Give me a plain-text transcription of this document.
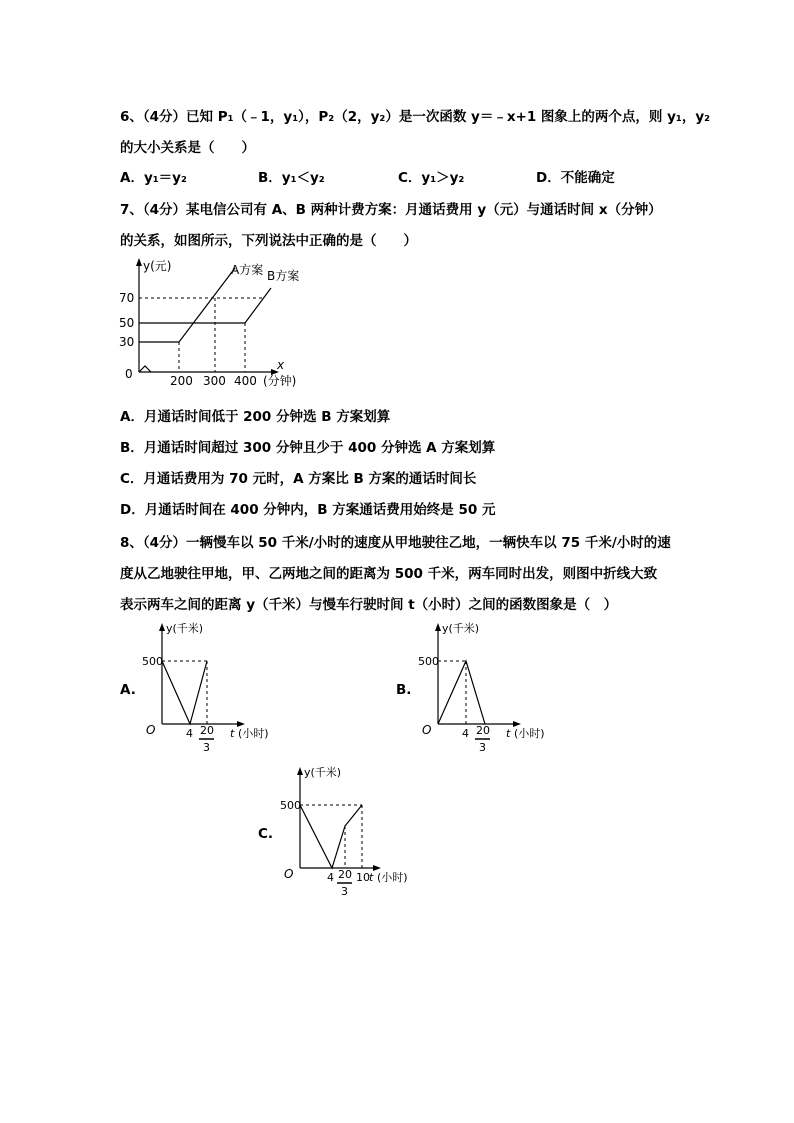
6、（4分）已知 P₁（﹣1，y₁），P₂（2，y₂）是一次函数 y＝﹣x+1 图象上的两个点，则 y₁，y₂
的大小关系是（　　）
A．y₁＝y₂	B．y₁＜y₂	C．y₁＞y₂	D．不能确定
7、（4分）某电信公司有 A、B 两种计费方案：月通话费用 y（元）与通话时间 x（分钟）
的关系，如图所示，下列说法中正确的是（　　）
y(元)	A方案 B方案
70
50
30
0	200 300 400
x
(分钟)
A．月通话时间低于 200 分钟选 B 方案划算
B．月通话时间超过 300 分钟且少于 400 分钟选 A 方案划算
C．月通话费用为 70 元时，A 方案比 B 方案的通话时间长
D．月通话时间在 400 分钟内，B 方案通话费用始终是 50 元
8、（4分）一辆慢车以 50 千米/小时的速度从甲地驶往乙地，一辆快车以 75 千米/小时的速
度从乙地驶往甲地，甲、乙两地之间的距离为 500 千米，两车同时出发，则图中折线大致
表示两车之间的距离 y（千米）与慢车行驶时间 t（小时）之间的函数图象是（　）
A.
y(千米)
500
O	4 20
3
t (小时)
B.
y(千米)
500
O	4 20
3
t (小时)
C.
y(千米)
500
O	4 20
3
10 t (小时)
